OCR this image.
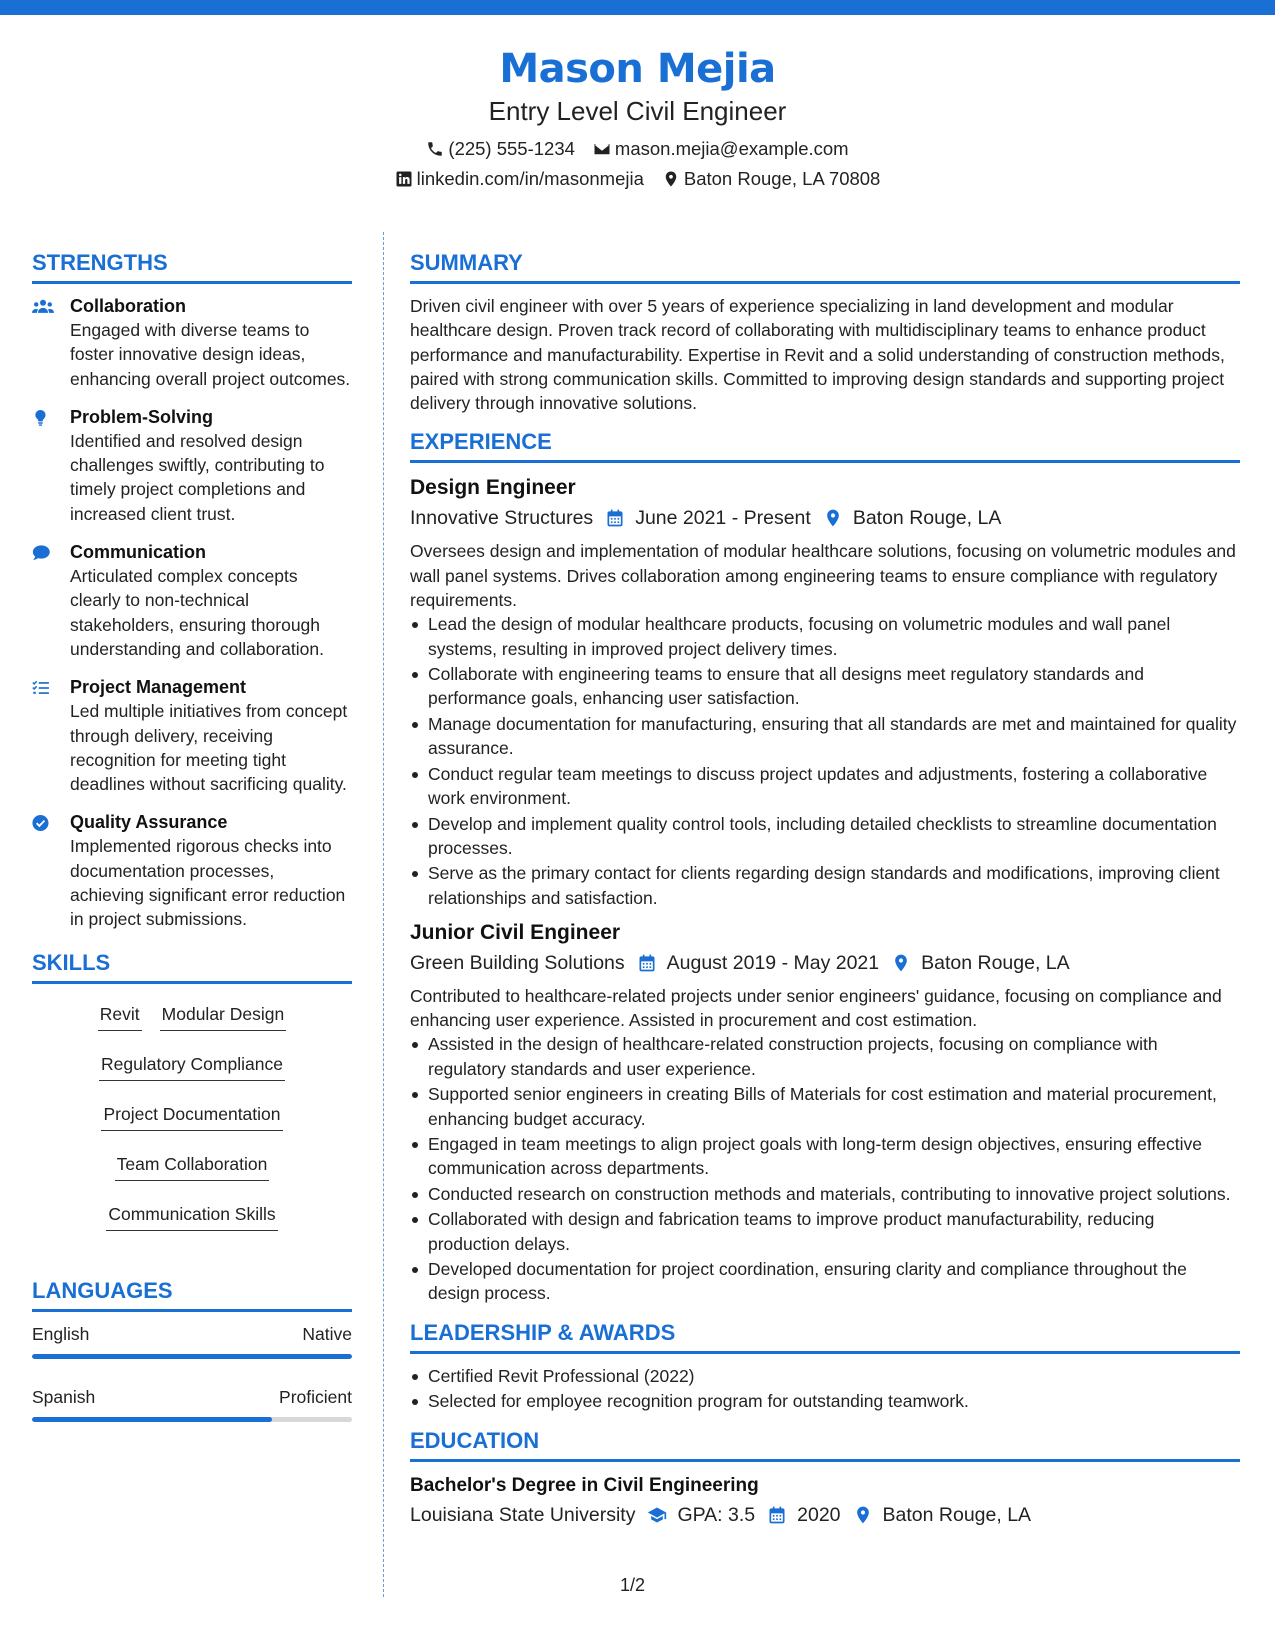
Mason Mejia
Entry Level Civil Engineer
(225) 555-1234 mason.mejia@example.com
linkedin.com/in/masonmejia Baton Rouge, LA 70808
STRENGTHS
Collaboration
Engaged with diverse teams to foster innovative design ideas, enhancing overall project outcomes.
Problem-Solving
Identified and resolved design challenges swiftly, contributing to timely project completions and increased client trust.
Communication
Articulated complex concepts clearly to non-technical stakeholders, ensuring thorough understanding and collaboration.
Project Management
Led multiple initiatives from concept through delivery, receiving recognition for meeting tight deadlines without sacrificing quality.
Quality Assurance
Implemented rigorous checks into documentation processes, achieving significant error reduction in project submissions.
SKILLS
Revit Modular Design
Regulatory Compliance
Project Documentation
Team Collaboration
Communication Skills
LANGUAGES
English	Native
Spanish	Proficient
SUMMARY
Driven civil engineer with over 5 years of experience specializing in land development and modular healthcare design. Proven track record of collaborating with multidisciplinary teams to enhance product performance and manufacturability. Expertise in Revit and a solid understanding of construction methods, paired with strong communication skills. Committed to improving design standards and supporting project delivery through innovative solutions.
EXPERIENCE
Design Engineer
Innovative Structures June 2021 - Present Baton Rouge, LA
Oversees design and implementation of modular healthcare solutions, focusing on volumetric modules and wall panel systems. Drives collaboration among engineering teams to ensure compliance with regulatory requirements.
Lead the design of modular healthcare products, focusing on volumetric modules and wall panel systems, resulting in improved project delivery times.
Collaborate with engineering teams to ensure that all designs meet regulatory standards and performance goals, enhancing user satisfaction.
Manage documentation for manufacturing, ensuring that all standards are met and maintained for quality assurance.
Conduct regular team meetings to discuss project updates and adjustments, fostering a collaborative work environment.
Develop and implement quality control tools, including detailed checklists to streamline documentation processes.
Serve as the primary contact for clients regarding design standards and modifications, improving client relationships and satisfaction.
Junior Civil Engineer
Green Building Solutions August 2019 - May 2021 Baton Rouge, LA
Contributed to healthcare-related projects under senior engineers' guidance, focusing on compliance and enhancing user experience. Assisted in procurement and cost estimation.
Assisted in the design of healthcare-related construction projects, focusing on compliance with regulatory standards and user experience.
Supported senior engineers in creating Bills of Materials for cost estimation and material procurement, enhancing budget accuracy.
Engaged in team meetings to align project goals with long-term design objectives, ensuring effective communication across departments.
Conducted research on construction methods and materials, contributing to innovative project solutions.
Collaborated with design and fabrication teams to improve product manufacturability, reducing production delays.
Developed documentation for project coordination, ensuring clarity and compliance throughout the design process.
LEADERSHIP & AWARDS
Certified Revit Professional (2022)
Selected for employee recognition program for outstanding teamwork.
EDUCATION
Bachelor's Degree in Civil Engineering
Louisiana State University GPA: 3.5 2020 Baton Rouge, LA
1/2
